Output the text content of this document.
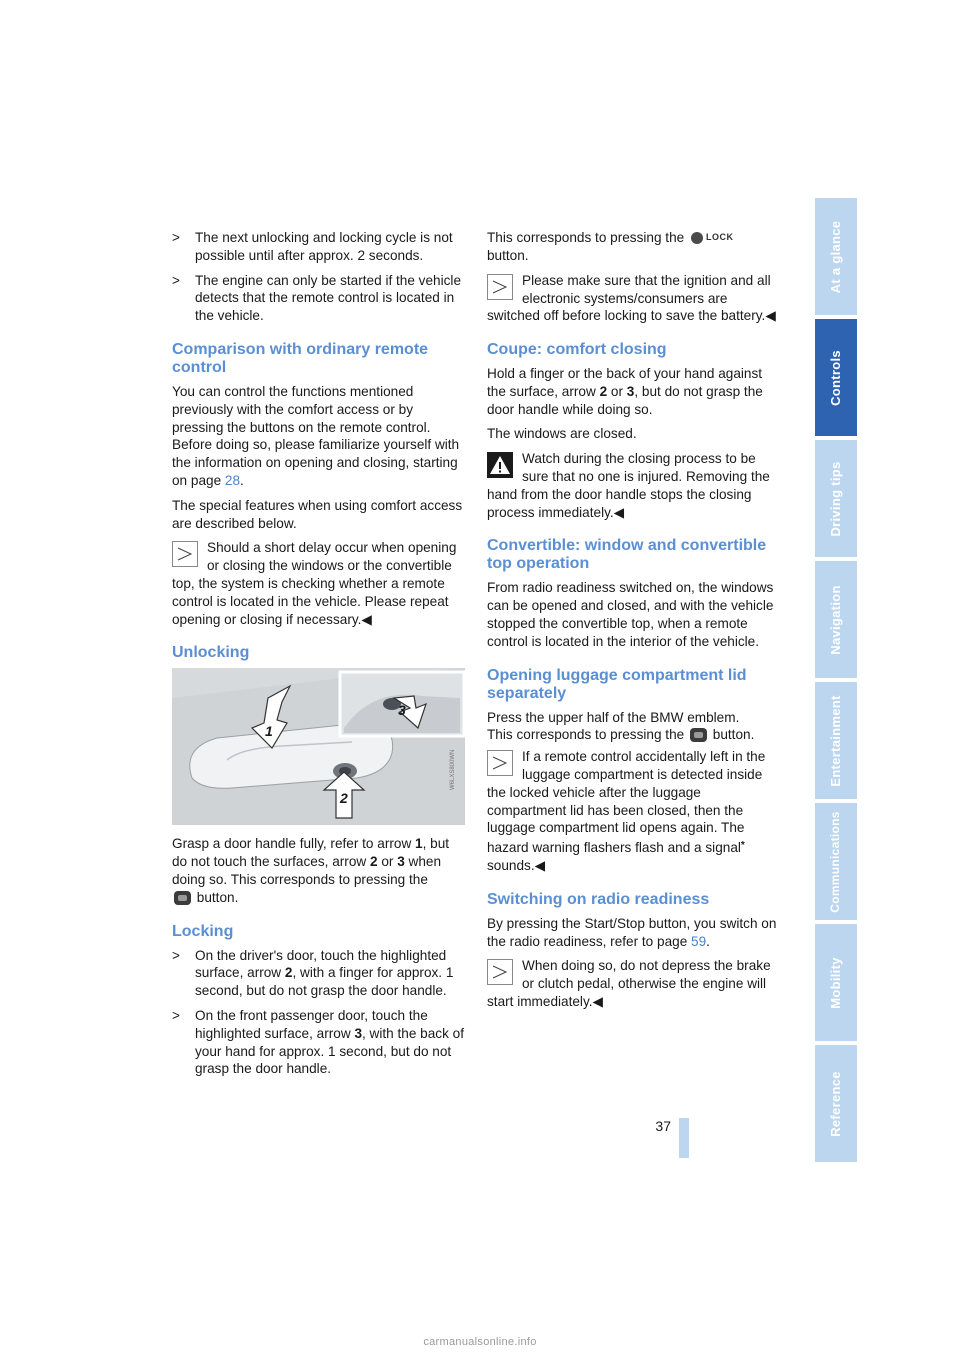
> The next unlocking and locking cycle is not possible until after approx. 2 seconds.
> The engine can only be started if the vehicle detects that the remote control is located in the vehicle.
Comparison with ordinary remote control

You can control the functions mentioned previously with the comfort access or by pressing the buttons on the remote control. Before doing so, please familiarize yourself with the information on opening and closing, starting on page 28.

The special features when using comfort access are described below.

Should a short delay occur when opening or closing the windows or the convertible top, the system is checking whether a remote control is located in the vehicle. Please repeat opening or closing if necessary.◀
Unlocking
W6LXS800WN
1
2
3

Grasp a door handle fully, refer to arrow 1, but do not touch the surfaces, arrow 2 or 3 when doing so. This corresponds to pressing the
button.

Locking
> On the driver's door, touch the highlighted surface, arrow 2, with a finger for approx. 1 second, but do not grasp the door handle.
> On the front passenger door, touch the highlighted surface, arrow 3, with the back of your hand for approx. 1 second, but do not grasp the door handle.

This corresponds to pressing the LOCK
button.

Please make sure that the ignition and all electronic systems/consumers are switched off before locking to save the battery.◀
Coupe: comfort closing

Hold a finger or the back of your hand against the surface, arrow 2 or 3, but do not grasp the door handle while doing so.

The windows are closed.

Watch during the closing process to be sure that no one is injured. Removing the hand from the door handle stops the closing process immediately.◀
Convertible: window and convertible top operation

From radio readiness switched on, the windows can be opened and closed, and with the vehicle stopped the convertible top, when a remote control is located in the interior of the vehicle.

Opening luggage compartment lid separately

Press the upper half of the BMW emblem.
This corresponds to pressing the  button.

If a remote control accidentally left in the luggage compartment is detected inside the locked vehicle after the luggage compartment lid has been closed, then the luggage compartment lid opens again. The hazard warning flashers flash and a signal* sounds.◀
Switching on radio readiness

By pressing the Start/Stop button, you switch on the radio readiness, refer to page 59.

When doing so, do not depress the brake or clutch pedal, otherwise the engine will start immediately.◀
At a glance
Controls
Driving tips
Navigation
Entertainment
Communications
Mobility
Reference
37
carmanualsonline.info
